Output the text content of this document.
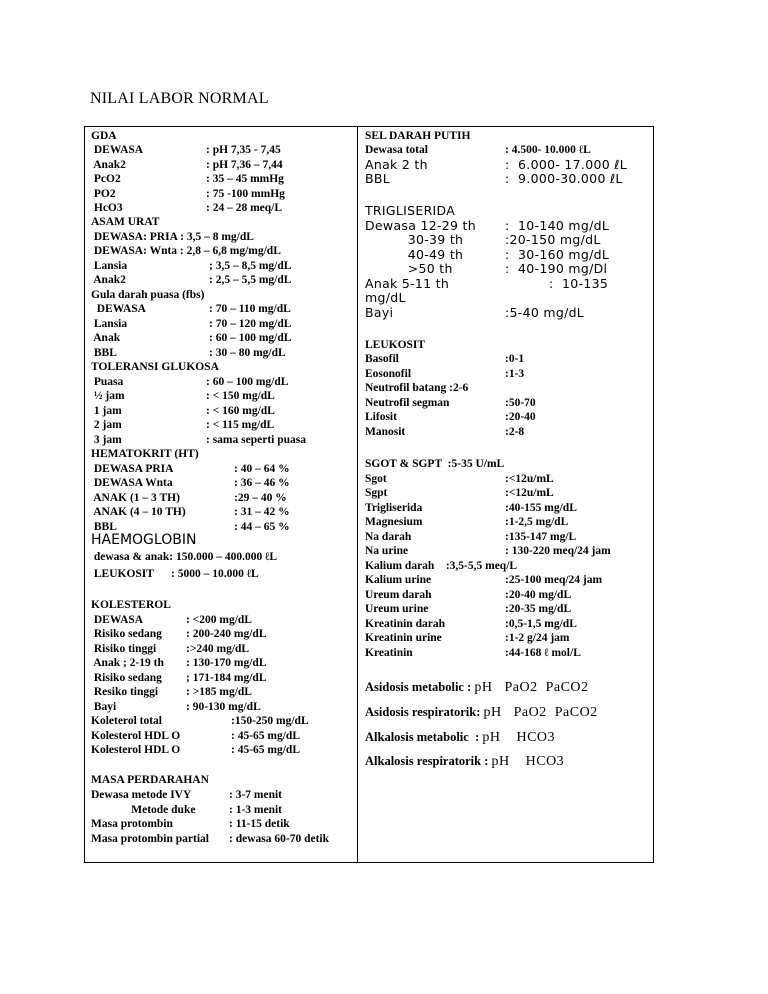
NILAI LABOR NORMAL
GDA
DEWASA	: pH 7,35 - 7,45
Anak2	: pH 7,36 – 7,44
PcO2	: 35 – 45 mmHg
PO2	: 75 -100 mmHg
HcO3	: 24 – 28 meq/L
ASAM URAT
DEWASA: PRIA : 3,5 – 8 mg/dL
DEWASA: Wnta : 2,8 – 6,8 mg/mg/dL
Lansia	; 3,5 – 8,5 mg/dL
Anak2	: 2,5 – 5,5 mg/dL
Gula darah puasa (fbs)
DEWASA	: 70 – 110 mg/dL
Lansia	: 70 – 120 mg/dL
Anak	: 60 – 100 mg/dL
BBL	: 30 – 80 mg/dL
TOLERANSI GLUKOSA
Puasa	: 60 – 100 mg/dL
½ jam	: < 150 mg/dL
1 jam	: < 160 mg/dL
2 jam	: < 115 mg/dL
3 jam	: sama seperti puasa
HEMATOKRIT (HT)
DEWASA PRIA	: 40 – 64 %
DEWASA Wnta	: 36 – 46 %
ANAK (1 – 3 TH)	:29 – 40 %
ANAK (4 – 10 TH)	: 31 – 42 %
BBL	: 44 – 65 %
HAEMOGLOBIN
dewasa & anak: 150.000 – 400.000 ℓL
LEUKOSIT      : 5000 – 10.000 ℓL
KOLESTEROL
DEWASA	: <200 mg/dL
Risiko sedang : 200-240 mg/dL
Risiko tinggi	:>240 mg/dL
Anak ; 2-19 th : 130-170 mg/dL
Risiko sedang ; 171-184 mg/dL
Resiko tinggi : >185 mg/dL
Bayi	: 90-130 mg/dL
Koleterol total	:150-250 mg/dL
Kolesterol HDL O	: 45-65 mg/dL
Kolesterol HDL O	: 45-65 mg/dL
MASA PERDARAHAN
Dewasa metode IVY	: 3-7 menit
Metode duke	: 1-3 menit
Masa protombin	: 11-15 detik
Masa protombin partial : dewasa 60-70 detik
SEL DARAH PUTIH
Dewasa total	: 4.500- 10.000 ℓL
Anak 2 th	:  6.000- 17.000 ℓL
BBL	:  9.000-30.000 ℓL
TRIGLISERIDA
Dewasa 12-29 th :  10-140 mg/dL
30-39 th	:20-150 mg/dL
40-49 th	:  30-160 mg/dL
>50 th	:  40-190 mg/Dl
Anak 5-11 th	:  10-135
mg/dL
Bayi	:5-40 mg/dL
LEUKOSIT
Basofil	:0-1
Eosonofil	:1-3
Neutrofil batang :2-6
Neutrofil segman	:50-70
Lifosit	:20-40
Manosit	:2-8
SGOT & SGPT  :5-35 U/mL
Sgot	:<12u/mL
Sgpt	:<12u/mL
Trigliserida	:40-155 mg/dL
Magnesium	:1-2,5 mg/dL
Na darah	:135-147 mg/L
Na urine	: 130-220 meq/24 jam
Kalium darah    :3,5-5,5 meq/L
Kalium urine	:25-100 meq/24 jam
Ureum darah	:20-40 mg/dL
Ureum urine	:20-35 mg/dL
Kreatinin darah	:0,5-1,5 mg/dL
Kreatinin urine	:1-2 g/24 jam
Kreatinin	:44-168 ℓ mol/L
Asidosis metabolic : pH   PaO2  PaCO2
Asidosis respiratorik: pH   PaO2  PaCO2
Alkalosis metabolic  : pH    HCO3
Alkalosis respiratorik : pH    HCO3
